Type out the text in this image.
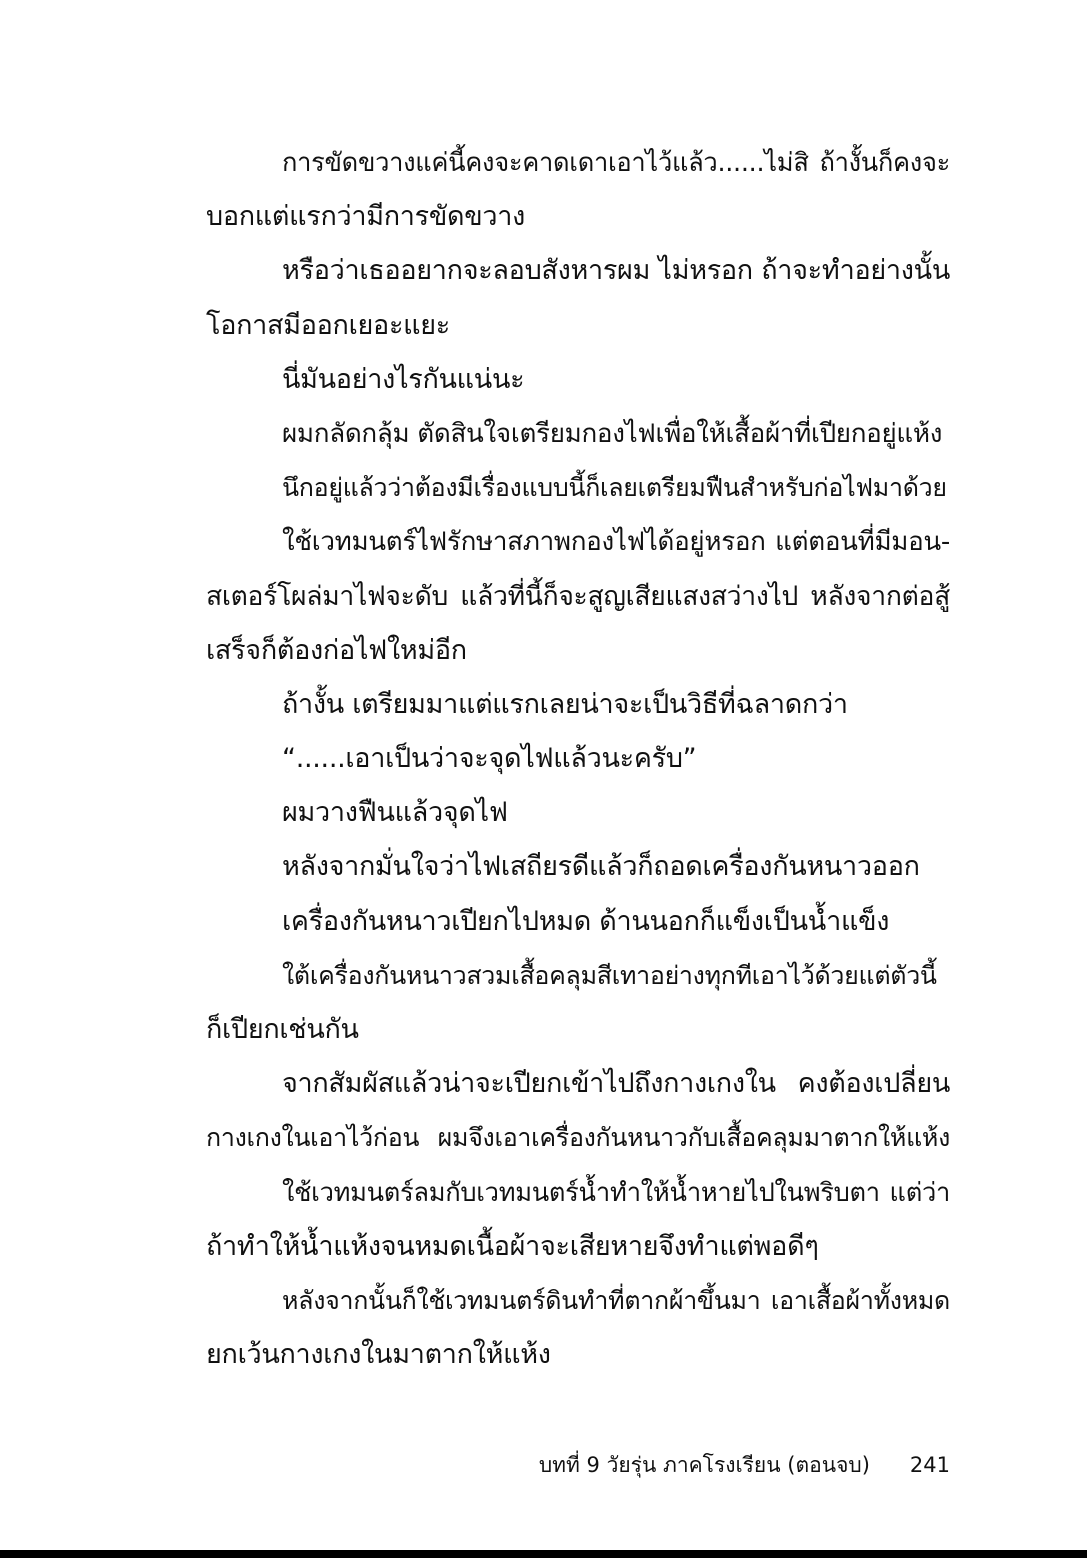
การขัดขวางแค่นี้คงจะคาดเดาเอาไว้แล้ว......ไม่สิ ถ้างั้นก็คงจะ
บอกแต่แรกว่ามีการขัดขวาง
หรือว่าเธออยากจะลอบสังหารผม ไม่หรอก ถ้าจะทำอย่างนั้น
โอกาสมีออกเยอะแยะ
นี่มันอย่างไรกันแน่นะ
ผมกลัดกลุ้ม ตัดสินใจเตรียมกองไฟเพื่อให้เสื้อผ้าที่เปียกอยู่แห้ง
นึกอยู่แล้วว่าต้องมีเรื่องแบบนี้ก็เลยเตรียมฟืนสำหรับก่อไฟมาด้วย
ใช้เวทมนตร์ไฟรักษาสภาพกองไฟได้อยู่หรอก แต่ตอนที่มีมอน-
สเตอร์โผล่มาไฟจะดับ แล้วที่นี้ก็จะสูญเสียแสงสว่างไป หลังจากต่อสู้
เสร็จก็ต้องก่อไฟใหม่อีก
ถ้างั้น เตรียมมาแต่แรกเลยน่าจะเป็นวิธีที่ฉลาดกว่า
“......เอาเป็นว่าจะจุดไฟแล้วนะครับ”
ผมวางฟืนแล้วจุดไฟ
หลังจากมั่นใจว่าไฟเสถียรดีแล้วก็ถอดเครื่องกันหนาวออก
เครื่องกันหนาวเปียกไปหมด ด้านนอกก็แข็งเป็นน้ำแข็ง
ใต้เครื่องกันหนาวสวมเสื้อคลุมสีเทาอย่างทุกทีเอาไว้ด้วยแต่ตัวนี้
ก็เปียกเช่นกัน
จากสัมผัสแล้วน่าจะเปียกเข้าไปถึงกางเกงใน คงต้องเปลี่ยน
กางเกงในเอาไว้ก่อน ผมจึงเอาเครื่องกันหนาวกับเสื้อคลุมมาตากให้แห้ง
ใช้เวทมนตร์ลมกับเวทมนตร์น้ำทำให้น้ำหายไปในพริบตา แต่ว่า
ถ้าทำให้น้ำแห้งจนหมดเนื้อผ้าจะเสียหายจึงทำแต่พอดีๆ
หลังจากนั้นก็ใช้เวทมนตร์ดินทำที่ตากผ้าขึ้นมา เอาเสื้อผ้าทั้งหมด
ยกเว้นกางเกงในมาตากให้แห้ง
บทที่ 9 วัยรุ่น ภาคโรงเรียน (ตอนจบ) 241
